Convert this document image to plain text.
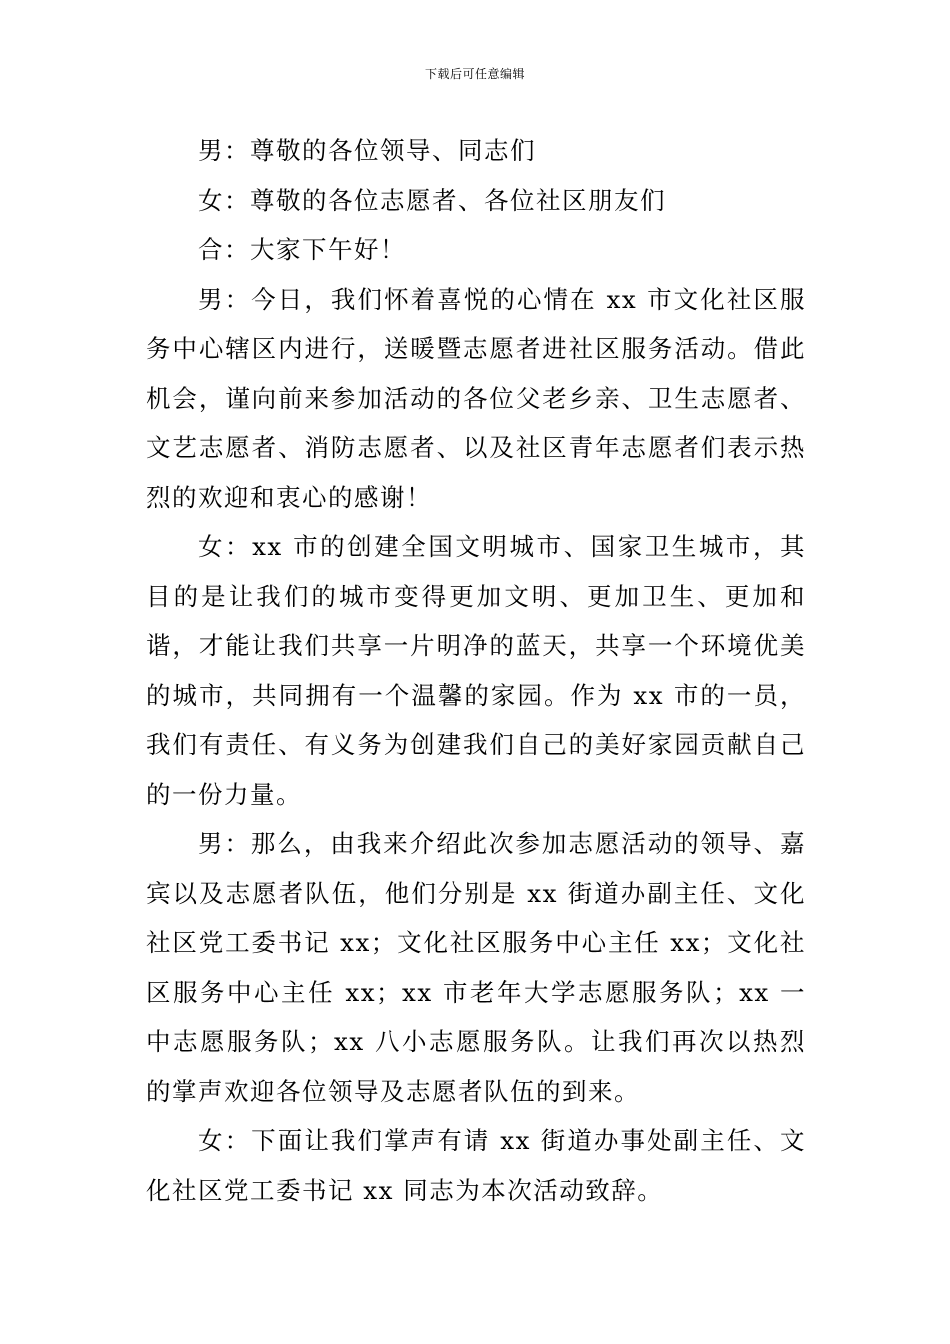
下载后可任意编辑

男：尊敬的各位领导、同志们

女：尊敬的各位志愿者、各位社区朋友们

合：大家下午好！

男：今日，我们怀着喜悦的心情在 xx 市文化社区服务中心辖区内进行，送暖暨志愿者进社区服务活动。借此机会，谨向前来参加活动的各位父老乡亲、卫生志愿者、文艺志愿者、消防志愿者、以及社区青年志愿者们表示热烈的欢迎和衷心的感谢！

女：xx 市的创建全国文明城市、国家卫生城市，其目的是让我们的城市变得更加文明、更加卫生、更加和谐，才能让我们共享一片明净的蓝天，共享一个环境优美的城市，共同拥有一个温馨的家园。作为 xx 市的一员，我们有责任、有义务为创建我们自己的美好家园贡献自己的一份力量。

男：那么，由我来介绍此次参加志愿活动的领导、嘉宾以及志愿者队伍，他们分别是 xx 街道办副主任、文化社区党工委书记 xx；文化社区服务中心主任 xx；文化社区服务中心主任 xx；xx 市老年大学志愿服务队；xx 一中志愿服务队；xx 八小志愿服务队。让我们再次以热烈的掌声欢迎各位领导及志愿者队伍的到来。

女：下面让我们掌声有请 xx 街道办事处副主任、文化社区党工委书记 xx 同志为本次活动致辞。
